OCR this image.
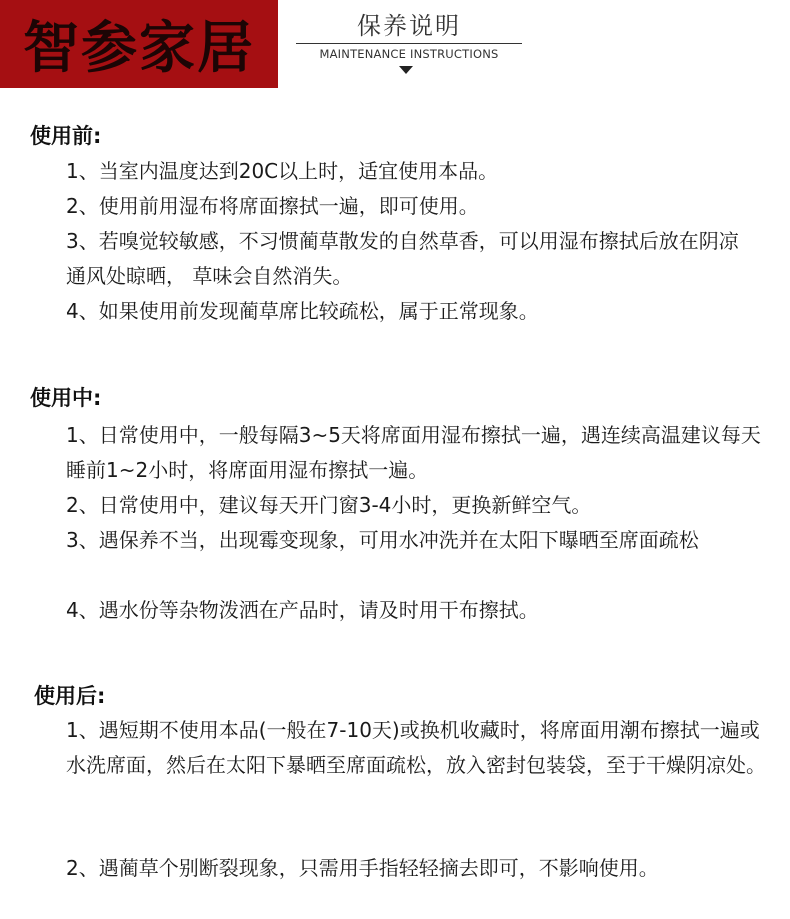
智参家居	保养说明
MAINTENANCE INSTRUCTIONS
使用前:
1、当室内温度达到20C以上时，适宜使用本品。
2、使用前用湿布将席面擦拭一遍，即可使用。
3、若嗅觉较敏感，不习惯蔺草散发的自然草香，可以用湿布擦拭后放在阴凉通风处晾晒， 草味会自然消失。
4、如果使用前发现蔺草席比较疏松，属于正常现象。
使用中:
1、日常使用中，一般每隔3~5天将席面用湿布擦拭一遍，遇连续高温建议每天睡前1~2小时，将席面用湿布擦拭一遍。
2、日常使用中，建议每天开门窗3-4小时，更换新鲜空气。
3、遇保养不当，出现霉变现象，可用水冲洗并在太阳下曝晒至席面疏松
4、遇水份等杂物泼洒在产品时，请及时用干布擦拭。
使用后:
1、遇短期不使用本品(一般在7-10天)或换机收藏时，将席面用潮布擦拭一遍或水洗席面，然后在太阳下暴晒至席面疏松，放入密封包装袋，至于干燥阴凉处。
2、遇蔺草个别断裂现象，只需用手指轻轻摘去即可，不影响使用。
